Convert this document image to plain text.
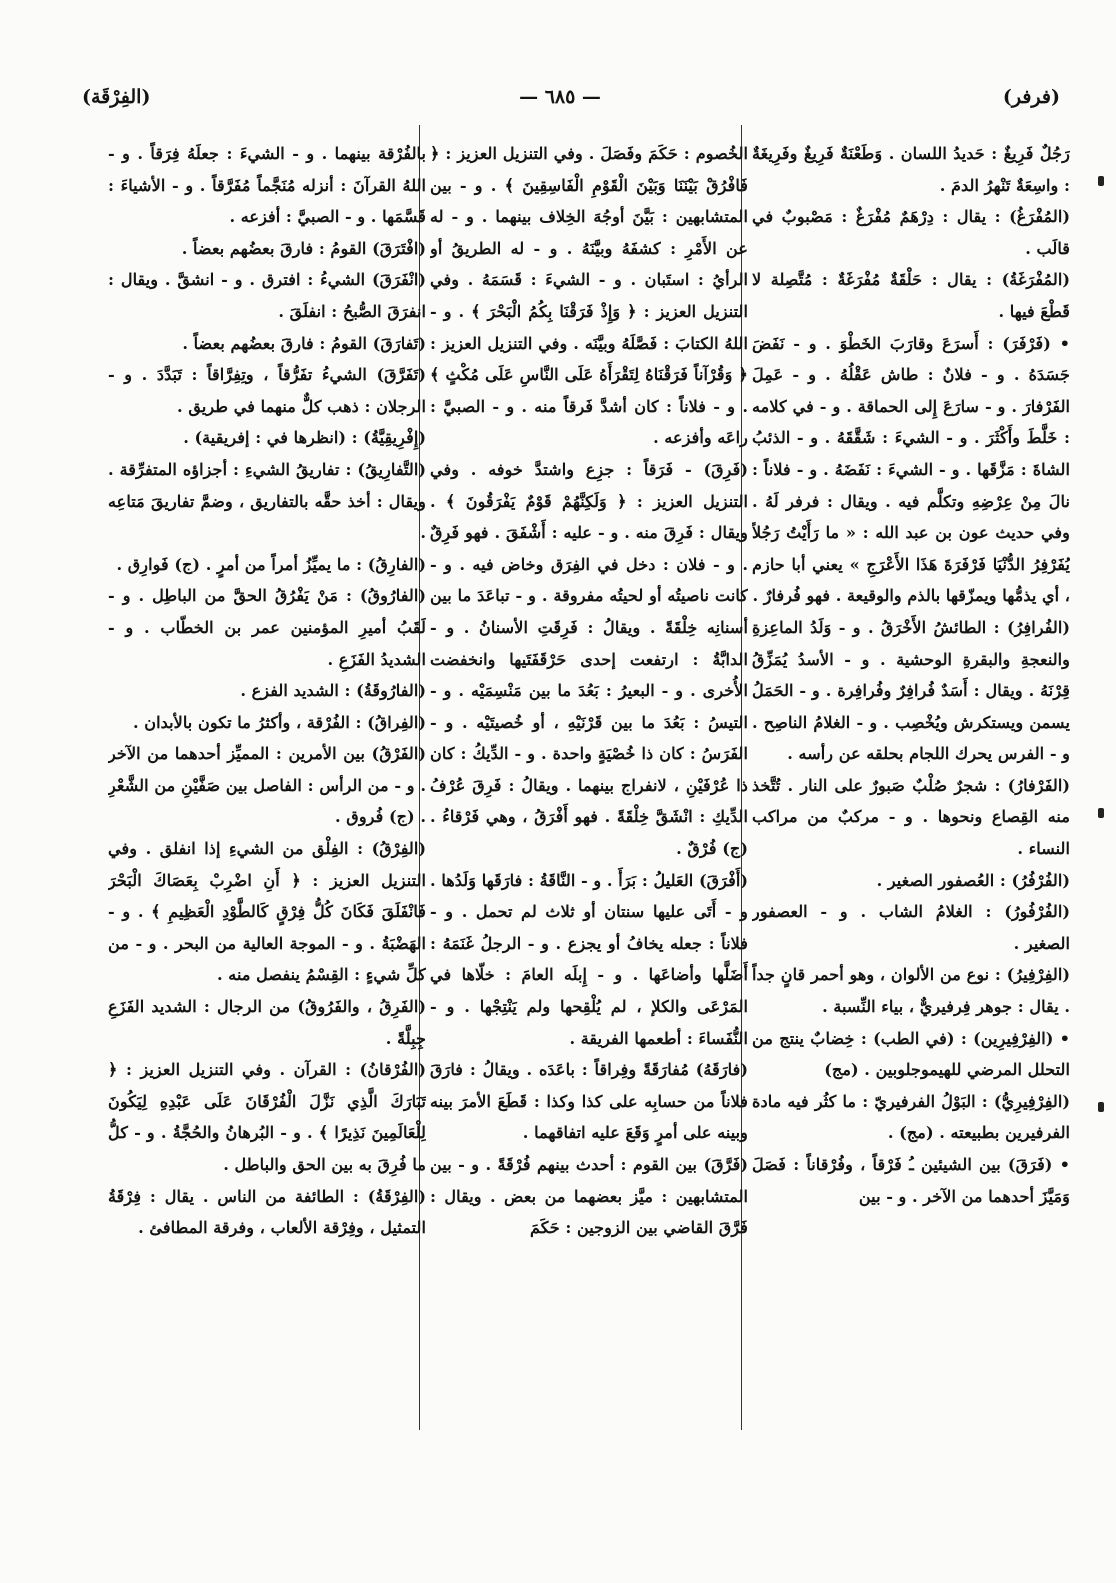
(الفِرْقَة)	— ٦٨٥ —	(فرفر)

رَجُلٌ فَرِيغٌ : حَديدُ اللسان . وَطَعْنَةٌ فَرِيغٌ وفَرِيغَةٌ : واسِعَةٌ تَنْهرُ الدمَ .

(المُفْرَغُ) : يقال : دِرْهَمٌ مُفْرَغٌ : مَصْبوبٌ في قالَب .

(المُفْرَغَةُ) : يقال : حَلْقَةٌ مُفْرَغَةٌ : مُتَّصِلة لا قَطْعَ فيها .

• (فَرْفَرَ) : أَسرَعَ وقارَبَ الخَطْوَ . و - نَفَضَ جَسَدَهُ . و - فلانٌ : طاش عَقْلُهُ . و - عَمِلَ الفَرْفارَ . و - سارَعَ إِلى الحماقة . و - في كلامه : خَلَّطَ وأَكْثَرَ . و - الشيءَ : شَقَّقَهُ . و - الذئبُ الشاةَ : مَزَّقَها . و - الشيءَ : نَفَضَهُ . و - فلاناً : نالَ مِنْ عِرْضِهِ وتكلَّم فيه . ويقال : فرفر لَهُ . وفي حديث عون بن عبد الله : « ما رَأَيْتُ رَجُلاً يُفَرْفِرُ الدُّنْيَا فَرْفَرَةَ هَذَا الأَعْرَجِ » يعني أبا حازم ، أي يذمُّها ويمزّقها بالذم والوقيعة . فهو فُرفارٌ .

(الفُرافِرُ) : الطائشُ الأَخْرَقُ . و - وَلَدُ الماعِزةِ والنعجةِ والبقرةِ الوحشية . و - الأسدُ يُمَزِّقُ قِرْنَهُ . ويقال : أَسَدٌ فُرافِرٌ وفُرافِرة . و - الحَمَلُ يسمن ويستكرش ويُخْصِب . و - الغلامُ الناصِح . و - الفرس يحرك اللجام بحلقه عن رأسه .

(الفَرْفارُ) : شجرٌ صُلْبٌ صَبورٌ على النار . تُتَّخذ منه القِصاع ونحوها . و - مركبٌ من مراكب النساء .

(الفُرْفُرُ) : العُصفور الصغير .

(الفُرْفُورُ) : الغلامُ الشاب . و - العصفور الصغير .

(الفِرْفِيرُ) : نوع من الألوان ، وهو أحمر قانٍ جداً . يقال : جوهر فِرفيريٌّ ، بياء النِّسبة .

• (الفِرْفِيرِين) : (في الطب) : خِضابٌ ينتج من التحلل المرضي للهيموجلوبين . (مج)

(الفِرْفِيرِيُّ) : البَوْلُ الفرفيريّ : ما كثُر فيه مادة الفرفيرين بطبيعته . (مج) .

• (فَرَقَ) بين الشيئين ـُ فَرْقاً ، وفُرْقاناً : فَصَلَ وَمَيَّزَ أحدهما من الآخر . و - بين

الخُصوم : حَكَمَ وفَصَلَ . وفي التنزيل العزيز : ﴿ فَافْرُقْ بَيْنَنَا وَبَيْنَ الْقَوْمِ الْفَاسِقِينَ ﴾ . و - بين المتشابهين : بَيَّنَ أوجُهَ الخِلاف بينهما . و - له عن الأَمْرِ : كشفَهُ وبيَّنَهُ . و - له الطريقُ أو الرأيُ : استَبان . و - الشيءَ : قَسَمَهُ . وفي التنزيل العزيز : ﴿ وَإِذْ فَرَقْنَا بِكُمُ الْبَحْرَ ﴾ . و - اللهُ الكتابَ : فَصَّلَهُ وبيَّنَه . وفي التنزيل العزيز : ﴿ وَقُرْآناً فَرَقْنَاهُ لِتَقْرَأَهُ عَلَى النَّاسِ عَلَى مُكْثٍ ﴾ . و - فلاناً : كان أشدَّ فَرقاً منه . و - الصبيَّ : راعَه وأفزعه .

(فَرِقَ) - فَرَقاً : جزِع واشتدَّ خوفه . وفي التنزيل العزيز : ﴿ وَلَكِنَّهُمْ قَوْمٌ يَفْرَقُونَ ﴾ . ويقال : فَرِقَ منه . و - عليه : أَشْفَقَ . فهو فَرِقٌ . و - فلان : دخل في الفِرَق وخاض فيه . و - كانت ناصيتُه أو لحيتُه مفروقة . و - تباعَدَ ما بين أسنانِه خِلْقَةً . ويقالُ : فَرِقَتِ الأسنانُ . و - الدابَّةُ : ارتفعت إحدى حَرْقَفَتَيها وانخفضت الأُخرى . و - البعيرُ : بَعُدَ ما بين مَنْسِمَيْه . و - التيسُ : بَعُدَ ما بين قَرْنَيْهِ ، أو خُصيتَيْه . و - الفَرَسُ : كان ذا خُصْيَةٍ واحدة . و - الدِّيكُ : كان ذا عُرْفَيْنِ ، لانفراج بينهما . ويقالُ : فَرِقَ عُرْفُ الدِّيكِ : انْشَقَّ خِلْقَةً . فهو أَفْرَقُ ، وهي فَرْقاءُ . (ج) فُرْقٌ .

(أَفْرَقَ) العَليلُ : بَرَأَ . و - النَّاقَةُ : فارَقَها وَلَدُها . و - أَتَى عليها سنتان أو ثلاث لم تحمل . و - فلاناً : جعله يخافُ أو يجزع . و - الرجلُ غَنَمَهُ : أَضَلَّها وأضاعَها . و - إِبلَه العامَ : خلّاها في المَرْعَى والكلإ ، لم يُلْقِحها ولم يَنْتِجْها . و - النُّفَساءَ : أطعمها الفريقة .

(فارَقَهُ) مُفارَقَةً وفِراقاً : باعَدَه . ويقالُ : فارَقَ فلاناً من حسابِه على كذا وكذا : قَطَعَ الأمرَ بينه وبينه على أمرٍ وَقَعَ عليه اتفاقهما .

(فَرَّقَ) بين القوم : أحدث بينهم فُرْقَةً . و - بين المتشابهين : ميَّز بعضهما من بعض . ويقال : فَرَّقَ القاضي بين الزوجين : حَكَمَ

بالفُرْقة بينهما . و - الشيءَ : جعلَهُ فِرَقاً . و - اللهُ القرآنَ : أنزله مُنَجَّماً مُفَرَّقاً . و - الأشياءَ : قَسَّمَها . و - الصبيَّ : أفزعه .

(افْتَرَقَ) القومُ : فارقَ بعضُهم بعضاً .

(انْفَرَقَ) الشيءُ : افترق . و - انشقَّ . ويقال : انفرَقَ الصُّبحُ : انفلَقَ .

(تَفارَقَ) القومُ : فارقَ بعضُهم بعضاً .

(تَفَرَّقَ) الشيءُ تفَرُّقاً ، وتِفِرَّاقاً : تَبَدَّدَ . و - الرجلان : ذهب كلٌّ منهما في طريق .

(إِفْرِيقِيَّةُ) : (انظرها في : إفريقية) .

(التَّفارِيقُ) : تفاريقُ الشيءِ : أجزاؤه المتفرِّقة . ويقال : أخذ حقَّه بالتفاريق ، وضمَّ تفاريقَ مَتاعِه .

(الفارِقُ) : ما يميِّزُ أمراً من أمرٍ . (ج) فَوارِق .

(الفارُوقُ) : مَنْ يَفْرُقُ الحقَّ من الباطِل . و - لَقَبُ أميرِ المؤمنين عمر بن الخطّاب . و - الشديدُ الفَزَعِ .

(الفارُوقَةُ) : الشديد الفزع .

(الفِراقُ) : الفُرْقة ، وأكثرُ ما تكون بالأبدان .

(الفَرْقُ) بين الأمرين : المميِّز أحدهما من الآخر . و - من الرأس : الفاصل بين صَفَّيْنِ من الشَّعْرِ . (ج) فُروق .

(الفِرْقُ) : الفِلْق من الشيءِ إذا انفلق . وفي التنزيل العزيز : ﴿ أَنِ اضْرِبْ بِعَصَاكَ الْبَحْرَ فَانْفَلَقَ فَكَانَ كُلُّ فِرْقٍ كَالطَّوْدِ الْعَظِيمِ ﴾ . و - الهَضْبَةُ . و - الموجة العالية من البحر . و - من كلِّ شيءٍ : القِسْمُ ينفصل منه .

(الفَرِقُ ، والفَرُوقُ) من الرجال : الشديد الفَزَعِ جِبِلَّةً .

(الفُرْقانُ) : القرآن . وفي التنزيل العزيز : ﴿ تَبَارَكَ الَّذِي نَزَّلَ الْفُرْقَانَ عَلَى عَبْدِهِ لِيَكُونَ لِلْعَالَمِينَ نَذِيرًا ﴾ . و - البُرهانُ والحُجَّةُ . و - كلُّ ما فُرِقَ به بين الحق والباطل .

(الفِرْقَةُ) : الطائفة من الناس . يقال : فِرْقَةُ التمثيل ، وفِرْقة الألعاب ، وفرقة المطافئ .
